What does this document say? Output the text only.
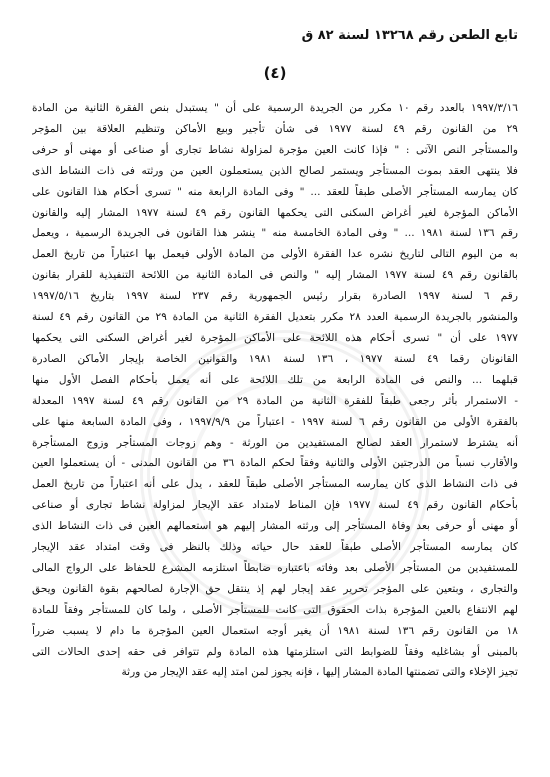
تابع الطعن رقم ١٣٢٦٨ لسنة ٨٢ ق
(٤)
١٩٩٧/٣/١٦ بالعدد رقم ١٠ مكرر من الجريدة الرسمية على أن " يستبدل بنص الفقرة الثانية من المادة
٢٩ من القانون رقم ٤٩ لسنة ١٩٧٧ فى شأن تأجير وبيع الأماكن وتنظيم العلاقة بين المؤجر
والمستأجر النص الآتى : " فإذا كانت العين مؤجرة لمزاولة نشاط تجارى أو صناعى أو مهنى أو حرفى
فلا ينتهى العقد بموت المستأجر ويستمر لصالح الذين يستعملون العين من ورثته فى ذات النشاط الذى
كان يمارسه المستأجر الأصلى طبقاً للعقد ... " وفى المادة الرابعة منه " تسرى أحكام هذا القانون على
الأماكن المؤجرة لغير أغراض السكنى التى يحكمها القانون رقم ٤٩ لسنة ١٩٧٧ المشار إليه والقانون
رقم ١٣٦ لسنة ١٩٨١ ... " وفى المادة الخامسة منه " ينشر هذا القانون فى الجريدة الرسمية ، ويعمل
به من اليوم التالى لتاريخ نشره عدا الفقرة الأولى من المادة الأولى فيعمل بها اعتباراً من تاريخ العمل
بالقانون رقم ٤٩ لسنة ١٩٧٧ المشار إليه " والنص فى المادة الثانية من اللائحة التنفيذية للقرار بقانون
رقم ٦ لسنة ١٩٩٧ الصادرة بقرار رئيس الجمهورية رقم ٢٣٧ لسنة ١٩٩٧ بتاريخ ١٩٩٧/٥/١٦
والمنشور بالجريدة الرسمية العدد ٢٨ مكرر بتعديل الفقرة الثانية من المادة ٢٩ من القانون رقم ٤٩ لسنة
١٩٧٧ على أن " تسرى أحكام هذه اللائحة على الأماكن المؤجرة لغير أغراض السكنى التى يحكمها
القانونان رقما ٤٩ لسنة ١٩٧٧ ، ١٣٦ لسنة ١٩٨١ والقوانين الخاصة بإيجار الأماكن الصادرة
قبلهما ... والنص فى المادة الرابعة من تلك اللائحة على أنه يعمل بأحكام الفصل الأول منها
- الاستمرار بأثر رجعى طبقاً للفقرة الثانية من المادة ٢٩ من القانون رقم ٤٩ لسنة ١٩٩٧ المعدلة
بالفقرة الأولى من القانون رقم ٦ لسنة ١٩٩٧ - اعتباراً من ١٩٩٧/٩/٩ ، وفى المادة السابعة منها على
أنه يشترط لاستمرار العقد لصالح المستفيدين من الورثة - وهم زوجات المستأجر وزوج المستأجرة
والأقارب نسباً من الدرجتين الأولى والثانية وفقاً لحكم المادة ٣٦ من القانون المدنى - أن يستعملوا العين
فى ذات النشاط الذى كان يمارسه المستأجر الأصلى طبقاً للعقد ، يدل على أنه اعتباراً من تاريخ العمل
بأحكام القانون رقم ٤٩ لسنة ١٩٧٧ فإن المناط لامتداد عقد الإيجار لمزاولة نشاط تجارى أو صناعى
أو مهنى أو حرفى بعد وفاة المستأجر إلى ورثته المشار إليهم هو استعمالهم العين فى ذات النشاط الذى
كان يمارسه المستأجر الأصلى طبقاً للعقد حال حياته وذلك بالنظر فى وقت امتداد عقد الإيجار
للمستفيدين من المستأجر الأصلى بعد وفاته باعتباره ضابطاً استلزمه المشرع للحفاظ على الرواج المالى
والتجارى ، وبتعين على المؤجر تحرير عقد إيجار لهم إذ ينتقل حق الإجارة لصالحهم بقوة القانون ويحق
لهم الانتفاع بالعين المؤجرة بذات الحقوق التى كانت للمستأجر الأصلى ، ولما كان للمستأجر وفقاً للمادة
١٨ من القانون رقم ١٣٦ لسنة ١٩٨١ أن يغير أوجه استعمال العين المؤجرة ما دام لا يسبب ضرراً
بالمبنى أو بشاغليه وفقاً للضوابط التى استلزمتها هذه المادة ولم تتوافر فى حقه إحدى الحالات التى
تجيز الإخلاء والتى تضمنتها المادة المشار إليها ، فإنه يجوز لمن امتد إليه عقد الإيجار من ورثة
